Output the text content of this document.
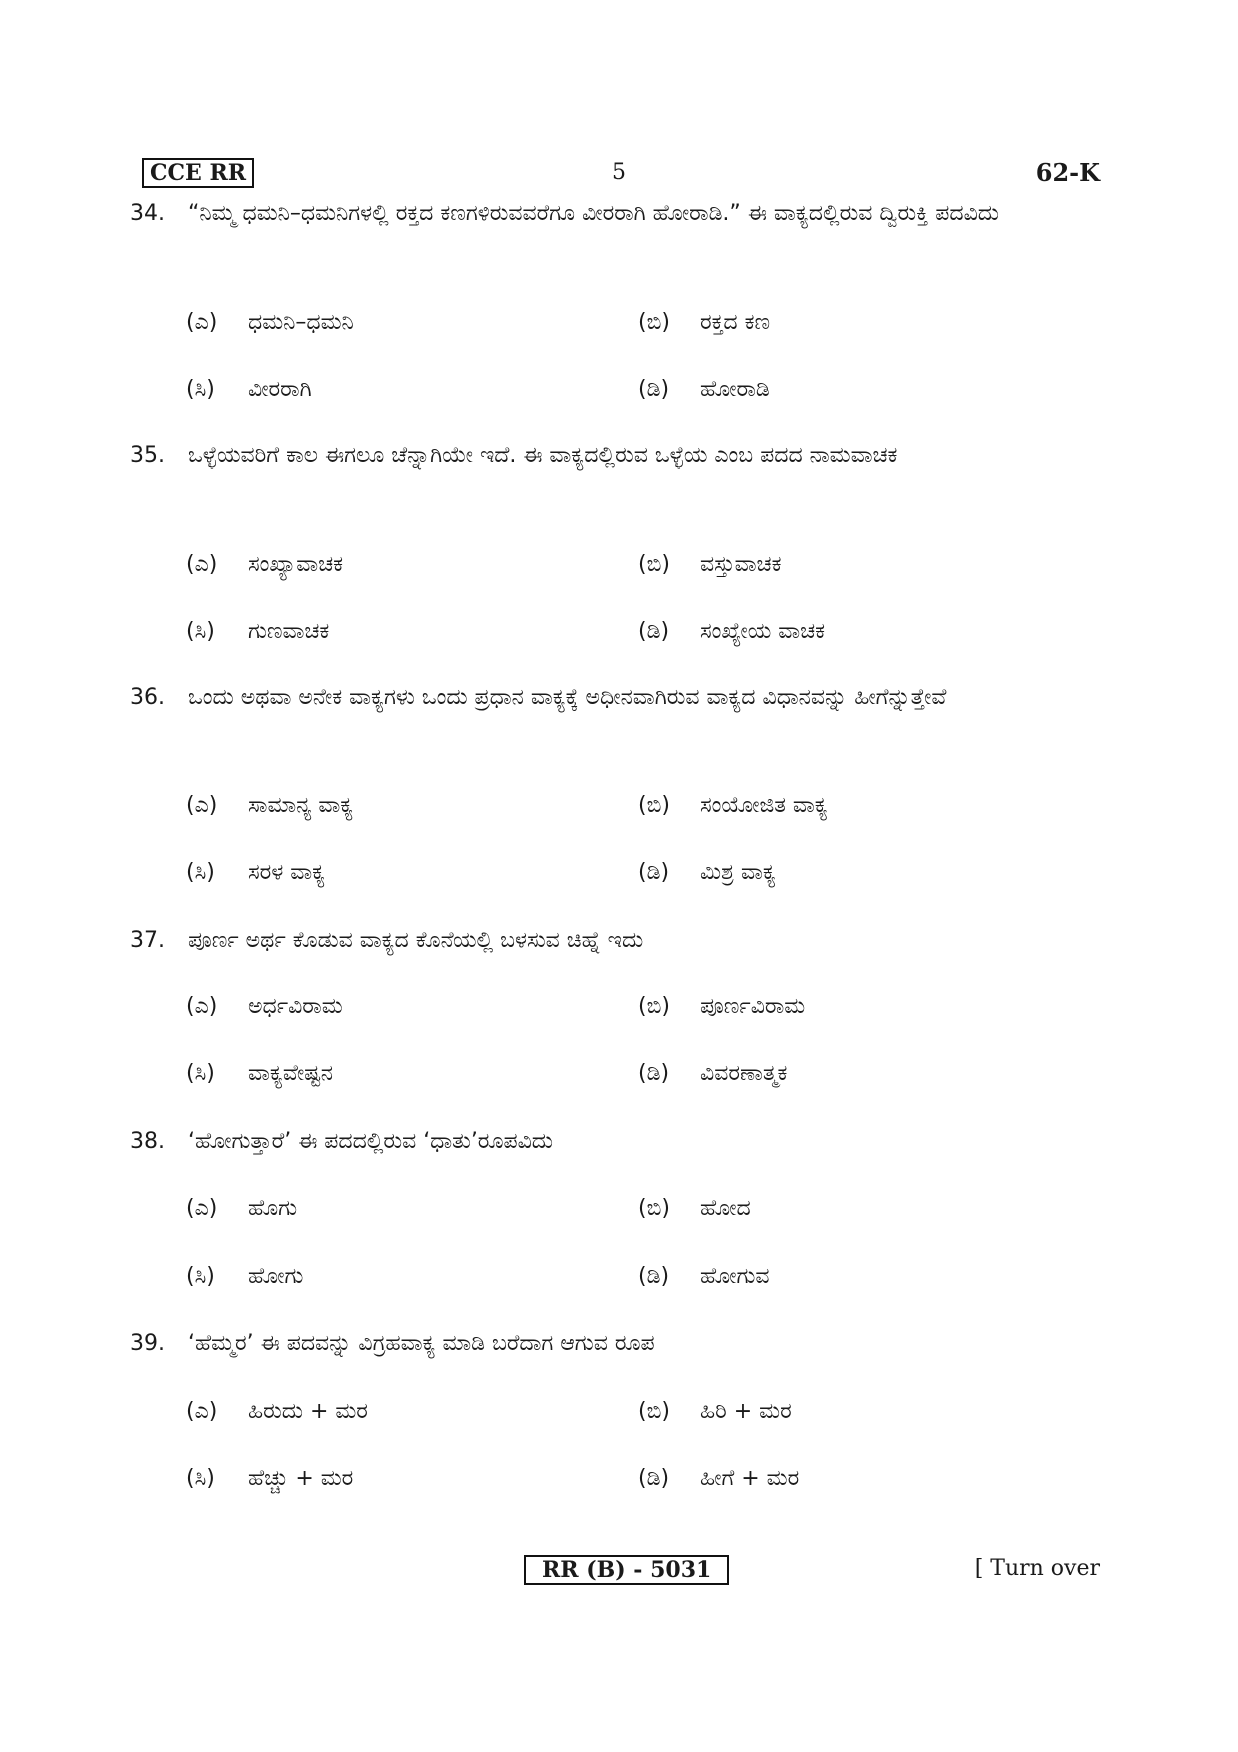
CCE RR	5	62-K
34.	“ನಿಮ್ಮ ಧಮನಿ–ಧಮನಿಗಳಲ್ಲಿ ರಕ್ತದ ಕಣಗಳಿರುವವರೆಗೂ ವೀರರಾಗಿ ಹೋರಾಡಿ.” ಈ ವಾಕ್ಯದಲ್ಲಿರುವ ದ್ವಿರುಕ್ತಿ ಪದವಿದು
(ಎ)	ಧಮನಿ–ಧಮನಿ	(ಬಿ)	ರಕ್ತದ ಕಣ
(ಸಿ)	ವೀರರಾಗಿ	(ಡಿ)	ಹೋರಾಡಿ
35.	ಒಳ್ಳೆಯವರಿಗೆ ಕಾಲ ಈಗಲೂ ಚೆನ್ನಾಗಿಯೇ ಇದೆ. ಈ ವಾಕ್ಯದಲ್ಲಿರುವ ಒಳ್ಳೆಯ ಎಂಬ ಪದದ ನಾಮವಾಚಕ
(ಎ)	ಸಂಖ್ಯಾವಾಚಕ	(ಬಿ)	ವಸ್ತುವಾಚಕ
(ಸಿ)	ಗುಣವಾಚಕ	(ಡಿ)	ಸಂಖ್ಯೇಯ ವಾಚಕ
36.	ಒಂದು ಅಥವಾ ಅನೇಕ ವಾಕ್ಯಗಳು ಒಂದು ಪ್ರಧಾನ ವಾಕ್ಯಕ್ಕೆ ಅಧೀನವಾಗಿರುವ ವಾಕ್ಯದ ವಿಧಾನವನ್ನು ಹೀಗೆನ್ನುತ್ತೇವೆ
(ಎ)	ಸಾಮಾನ್ಯ ವಾಕ್ಯ	(ಬಿ)	ಸಂಯೋಜಿತ ವಾಕ್ಯ
(ಸಿ)	ಸರಳ ವಾಕ್ಯ	(ಡಿ)	ಮಿಶ್ರ ವಾಕ್ಯ
37.	ಪೂರ್ಣ ಅರ್ಥ ಕೊಡುವ ವಾಕ್ಯದ ಕೊನೆಯಲ್ಲಿ ಬಳಸುವ ಚಿಹ್ನೆ ಇದು
(ಎ)	ಅರ್ಧವಿರಾಮ	(ಬಿ)	ಪೂರ್ಣವಿರಾಮ
(ಸಿ)	ವಾಕ್ಯವೇಷ್ಟನ	(ಡಿ)	ವಿವರಣಾತ್ಮಕ
38.	‘ಹೋಗುತ್ತಾರೆ’ ಈ ಪದದಲ್ಲಿರುವ ‘ಧಾತು’ರೂಪವಿದು
(ಎ)	ಹೊಗು	(ಬಿ)	ಹೋದ
(ಸಿ)	ಹೋಗು	(ಡಿ)	ಹೋಗುವ
39.	‘ಹೆಮ್ಮರ’ ಈ ಪದವನ್ನು ವಿಗ್ರಹವಾಕ್ಯ ಮಾಡಿ ಬರೆದಾಗ ಆಗುವ ರೂಪ
(ಎ)	ಹಿರುದು + ಮರ	(ಬಿ)	ಹಿರಿ + ಮರ
(ಸಿ)	ಹೆಚ್ಚು + ಮರ	(ಡಿ)	ಹೀಗೆ + ಮರ
RR (B) - 5031	[ Turn over
